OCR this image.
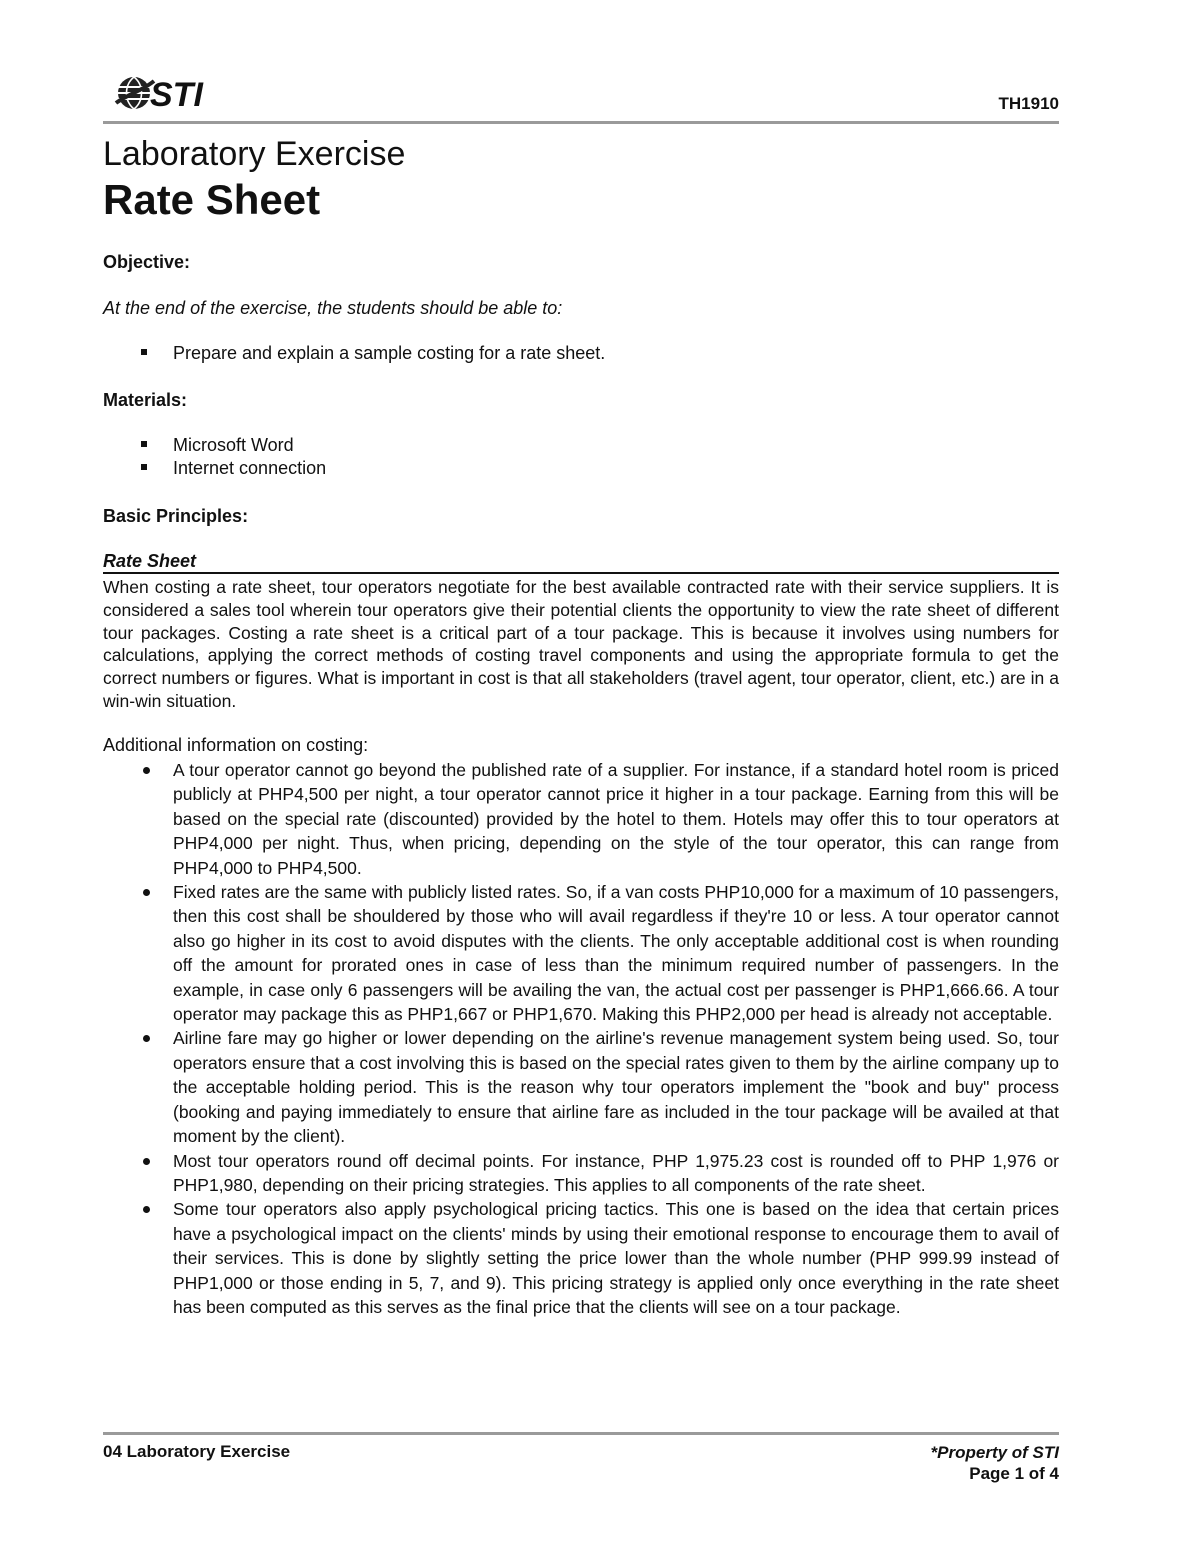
STI	TH1910
Laboratory Exercise
Rate Sheet
Objective:
At the end of the exercise, the students should be able to:
Prepare and explain a sample costing for a rate sheet.
Materials:
Microsoft Word
Internet connection
Basic Principles:
Rate Sheet

When costing a rate sheet, tour operators negotiate for the best available contracted rate with their service suppliers. It is considered a sales tool wherein tour operators give their potential clients the opportunity to view the rate sheet of different tour packages. Costing a rate sheet is a critical part of a tour package. This is because it involves using numbers for calculations, applying the correct methods of costing travel components and using the appropriate formula to get the correct numbers or figures. What is important in cost is that all stakeholders (travel agent, tour operator, client, etc.) are in a win-win situation.

Additional information on costing:
A tour operator cannot go beyond the published rate of a supplier. For instance, if a standard hotel room is priced publicly at PHP4,500 per night, a tour operator cannot price it higher in a tour package. Earning from this will be based on the special rate (discounted) provided by the hotel to them. Hotels may offer this to tour operators at PHP4,000 per night. Thus, when pricing, depending on the style of the tour operator, this can range from PHP4,000 to PHP4,500.
Fixed rates are the same with publicly listed rates. So, if a van costs PHP10,000 for a maximum of 10 passengers, then this cost shall be shouldered by those who will avail regardless if they're 10 or less. A tour operator cannot also go higher in its cost to avoid disputes with the clients. The only acceptable additional cost is when rounding off the amount for prorated ones in case of less than the minimum required number of passengers. In the example, in case only 6 passengers will be availing the van, the actual cost per passenger is PHP1,666.66. A tour operator may package this as PHP1,667 or PHP1,670. Making this PHP2,000 per head is already not acceptable.
Airline fare may go higher or lower depending on the airline's revenue management system being used. So, tour operators ensure that a cost involving this is based on the special rates given to them by the airline company up to the acceptable holding period. This is the reason why tour operators implement the "book and buy" process (booking and paying immediately to ensure that airline fare as included in the tour package will be availed at that moment by the client).
Most tour operators round off decimal points. For instance, PHP 1,975.23 cost is rounded off to PHP 1,976 or PHP1,980, depending on their pricing strategies. This applies to all components of the rate sheet.
Some tour operators also apply psychological pricing tactics. This one is based on the idea that certain prices have a psychological impact on the clients' minds by using their emotional response to encourage them to avail of their services. This is done by slightly setting the price lower than the whole number (PHP 999.99 instead of PHP1,000 or those ending in 5, 7, and 9). This pricing strategy is applied only once everything in the rate sheet has been computed as this serves as the final price that the clients will see on a tour package.
04 Laboratory Exercise	*Property of STI
Page 1 of 4
